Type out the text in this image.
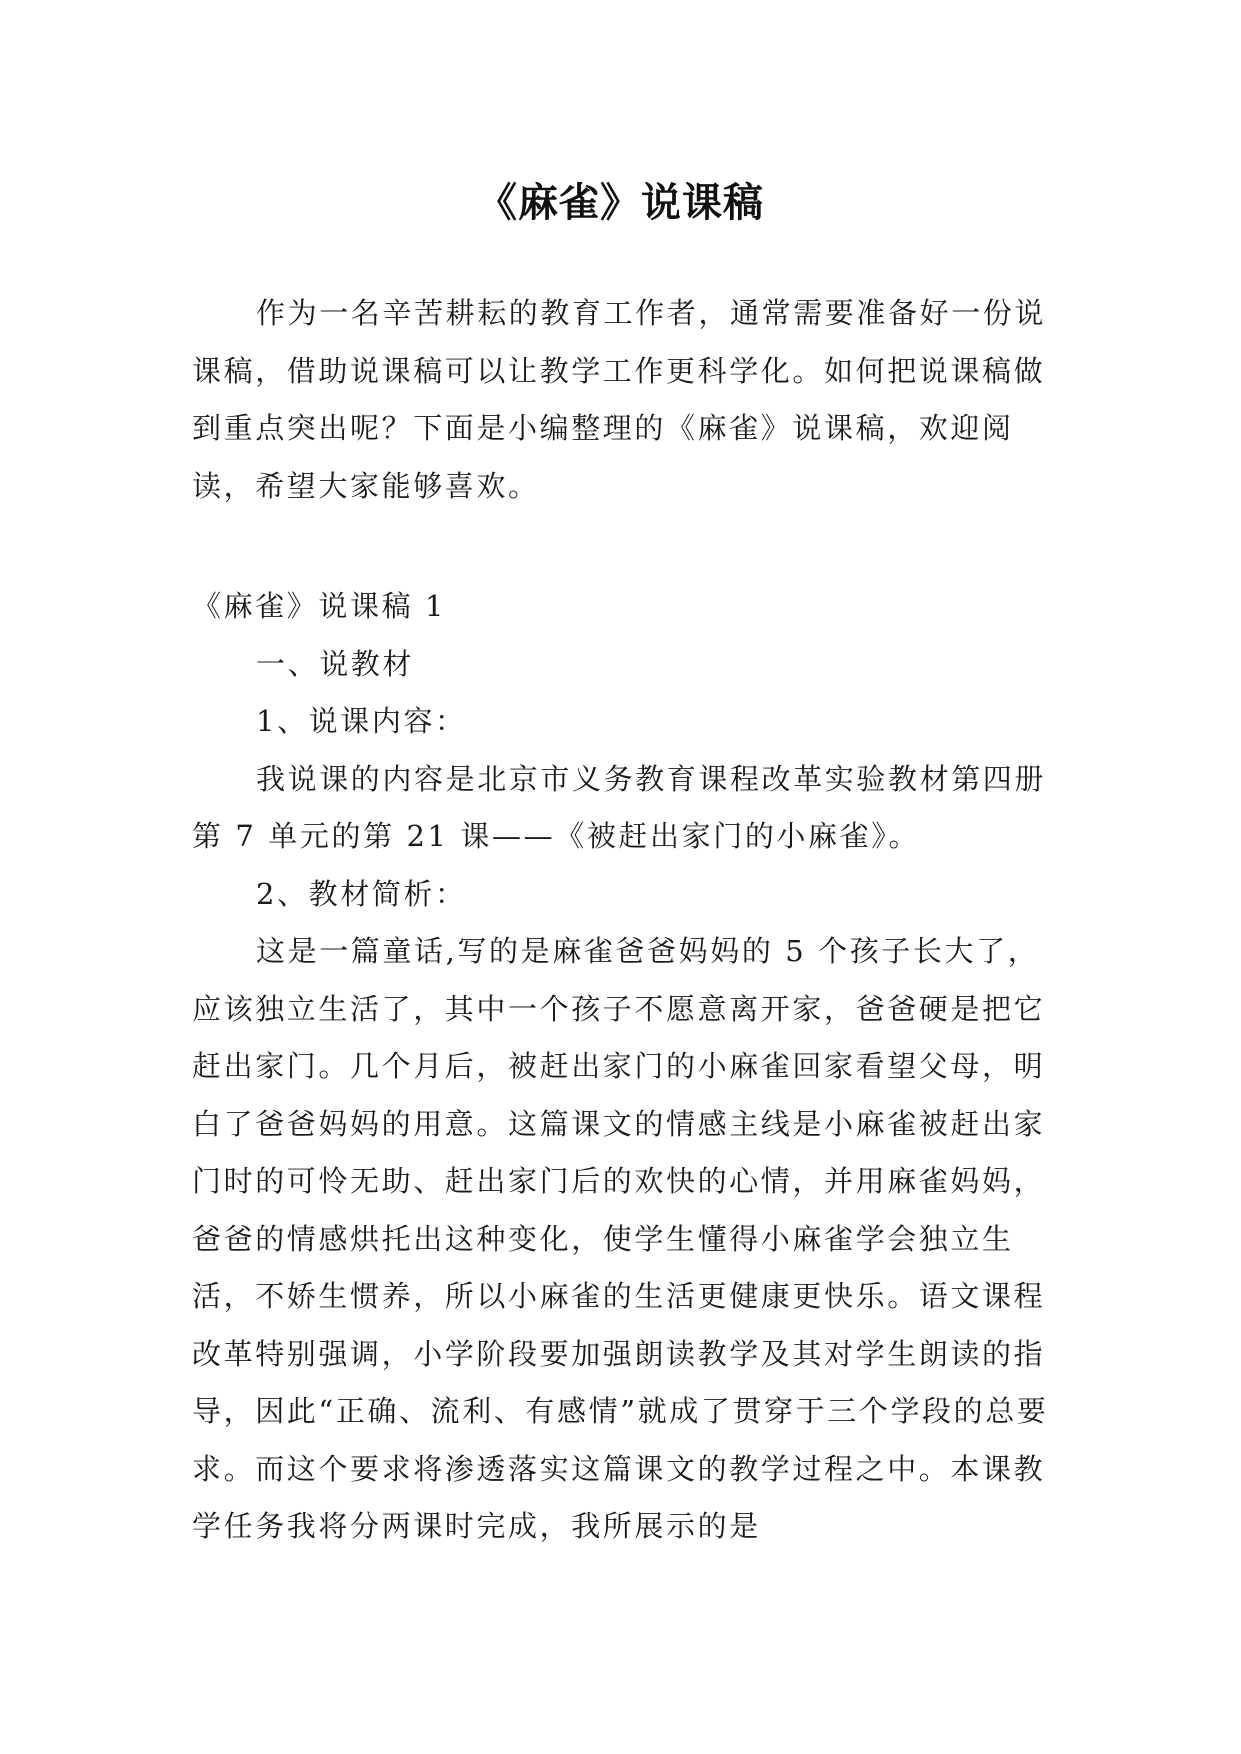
《麻雀》说课稿

作为一名辛苦耕耘的教育工作者，通常需要准备好一份说课稿，借助说课稿可以让教学工作更科学化。如何把说课稿做到重点突出呢？下面是小编整理的《麻雀》说课稿，欢迎阅读，希望大家能够喜欢。

《麻雀》说课稿 1
一、说教材
1、说课内容：

我说课的内容是北京市义务教育课程改革实验教材第四册第 7 单元的第 21 课——《被赶出家门的小麻雀》。

2、教材简析：

这是一篇童话,写的是麻雀爸爸妈妈的 5 个孩子长大了，应该独立生活了，其中一个孩子不愿意离开家，爸爸硬是把它赶出家门。几个月后，被赶出家门的小麻雀回家看望父母，明白了爸爸妈妈的用意。这篇课文的情感主线是小麻雀被赶出家门时的可怜无助、赶出家门后的欢快的心情，并用麻雀妈妈，爸爸的情感烘托出这种变化，使学生懂得小麻雀学会独立生活，不娇生惯养，所以小麻雀的生活更健康更快乐。语文课程改革特别强调，小学阶段要加强朗读教学及其对学生朗读的指导，因此“正确、流利、有感情”就成了贯穿于三个学段的总要求。而这个要求将渗透落实这篇课文的教学过程之中。本课教学任务我将分两课时完成，我所展示的是
